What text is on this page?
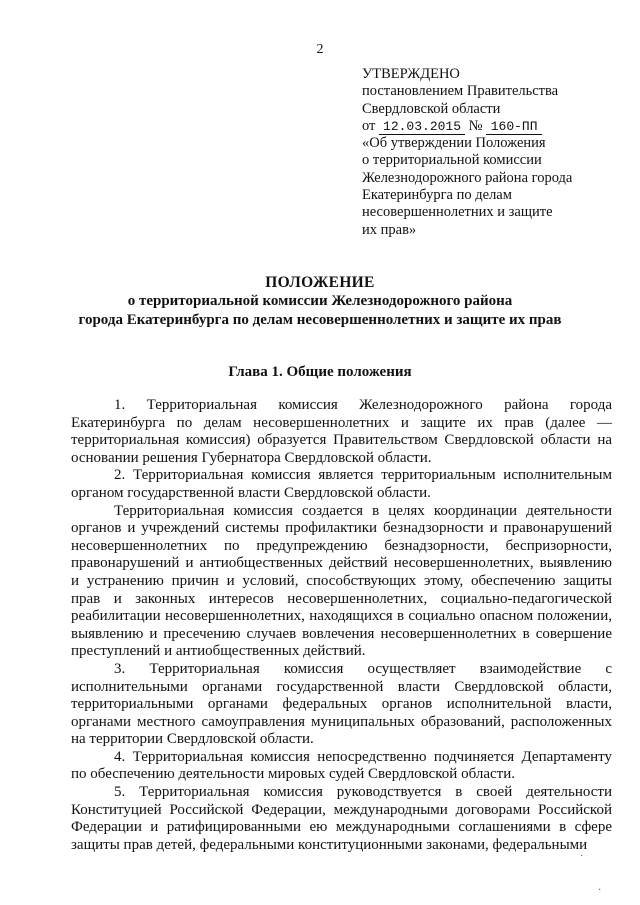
2
УТВЕРЖДЕНО
постановлением Правительства
Свердловской области
от 12.03.2015 № 160-ПП
«Об утверждении Положения
о территориальной комиссии
Железнодорожного района города
Екатеринбурга по делам
несовершеннолетних и защите
их прав»
ПОЛОЖЕНИЕ
о территориальной комиссии Железнодорожного района
города Екатеринбурга по делам несовершеннолетних и защите их прав
Глава 1. Общие положения

1. Территориальная комиссия Железнодорожного района города Екатеринбурга по делам несовершеннолетних и защите их прав (далее — территориальная комиссия) образуется Правительством Свердловской области на основании решения Губернатора Свердловской области.

2. Территориальная комиссия является территориальным исполнительным органом государственной власти Свердловской области.

Территориальная комиссия создается в целях координации деятельности органов и учреждений системы профилактики безнадзорности и правонарушений несовершеннолетних по предупреждению безнадзорности, беспризорности, правонарушений и антиобщественных действий несовершеннолетних, выявлению и устранению причин и условий, способствующих этому, обеспечению защиты прав и законных интересов несовершеннолетних, социально-педагогической реабилитации несовершеннолетних, находящихся в социально опасном положении, выявлению и пресечению случаев вовлечения несовершеннолетних в совершение преступлений и антиобщественных действий.

3. Территориальная комиссия осуществляет взаимодействие с исполнительными органами государственной власти Свердловской области, территориальными органами федеральных органов исполнительной власти, органами местного самоуправления муниципальных образований, расположенных на территории Свердловской области.

4. Территориальная комиссия непосредственно подчиняется Департаменту по обеспечению деятельности мировых судей Свердловской области.

5. Территориальная комиссия руководствуется в своей деятельности Конституцией Российской Федерации, международными договорами Российской Федерации и ратифицированными ею международными соглашениями в сфере защиты прав детей, федеральными конституционными законами, федеральными

·
·
